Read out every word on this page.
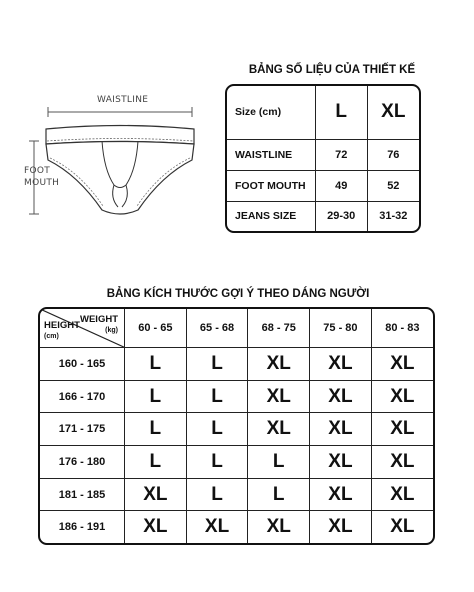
WAISTLINE
FOOT
MOUTH
BẢNG SỐ LIỆU CỦA THIẾT KẾ
Size (cm)	L	XL
WAISTLINE	72	76
FOOT MOUTH	49	52
JEANS SIZE	29-30	31-32
BẢNG KÍCH THƯỚC GỢI Ý THEO DÁNG NGƯỜI
WEIGHT
(kg)
HEIGHT
(cm)	60 - 65	65 - 68	68 - 75	75 - 80	80 - 83
160 - 165	L	L	XL	XL	XL
166 - 170	L	L	XL	XL	XL
171 - 175	L	L	XL	XL	XL
176 - 180	L	L	L	XL	XL
181 - 185	XL	L	L	XL	XL
186 - 191	XL	XL	XL	XL	XL
